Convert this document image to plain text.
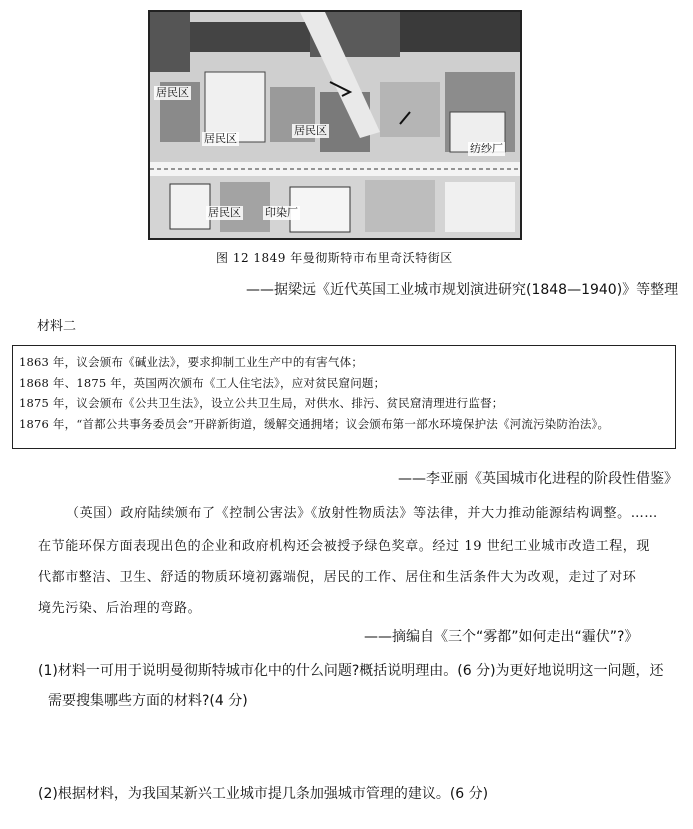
居民区
居民区
居民区
纺纱厂
居民区 印染厂
图 12 1849 年曼彻斯特市布里奇沃特街区
——据梁远《近代英国工业城市规划演进研究(1848—1940)》等整理
材料二
1863 年，议会颁布《碱业法》，要求抑制工业生产中的有害气体；
1868 年、1875 年，英国两次颁布《工人住宅法》，应对贫民窟问题；
1875 年，议会颁布《公共卫生法》，设立公共卫生局，对供水、排污、贫民窟清理进行监督；
1876 年，“首都公共事务委员会”开辟新街道，缓解交通拥堵；议会颁布第一部水环境保护法《河流污染防治法》。
——李亚丽《英国城市化进程的阶段性借鉴》
（英国）政府陆续颁布了《控制公害法》《放射性物质法》等法律，并大力推动能源结构调整。……
在节能环保方面表现出色的企业和政府机构还会被授予绿色奖章。经过 19 世纪工业城市改造工程，现
代都市整洁、卫生、舒适的物质环境初露端倪，居民的工作、居住和生活条件大为改观，走过了对环
境先污染、后治理的弯路。
——摘编自《三个“雾都”如何走出“霾伏”?》
(1)材料一可用于说明曼彻斯特城市化中的什么问题?概括说明理由。(6 分)为更好地说明这一问题，还
需要搜集哪些方面的材料?(4 分)
(2)根据材料，为我国某新兴工业城市提几条加强城市管理的建议。(6 分)
